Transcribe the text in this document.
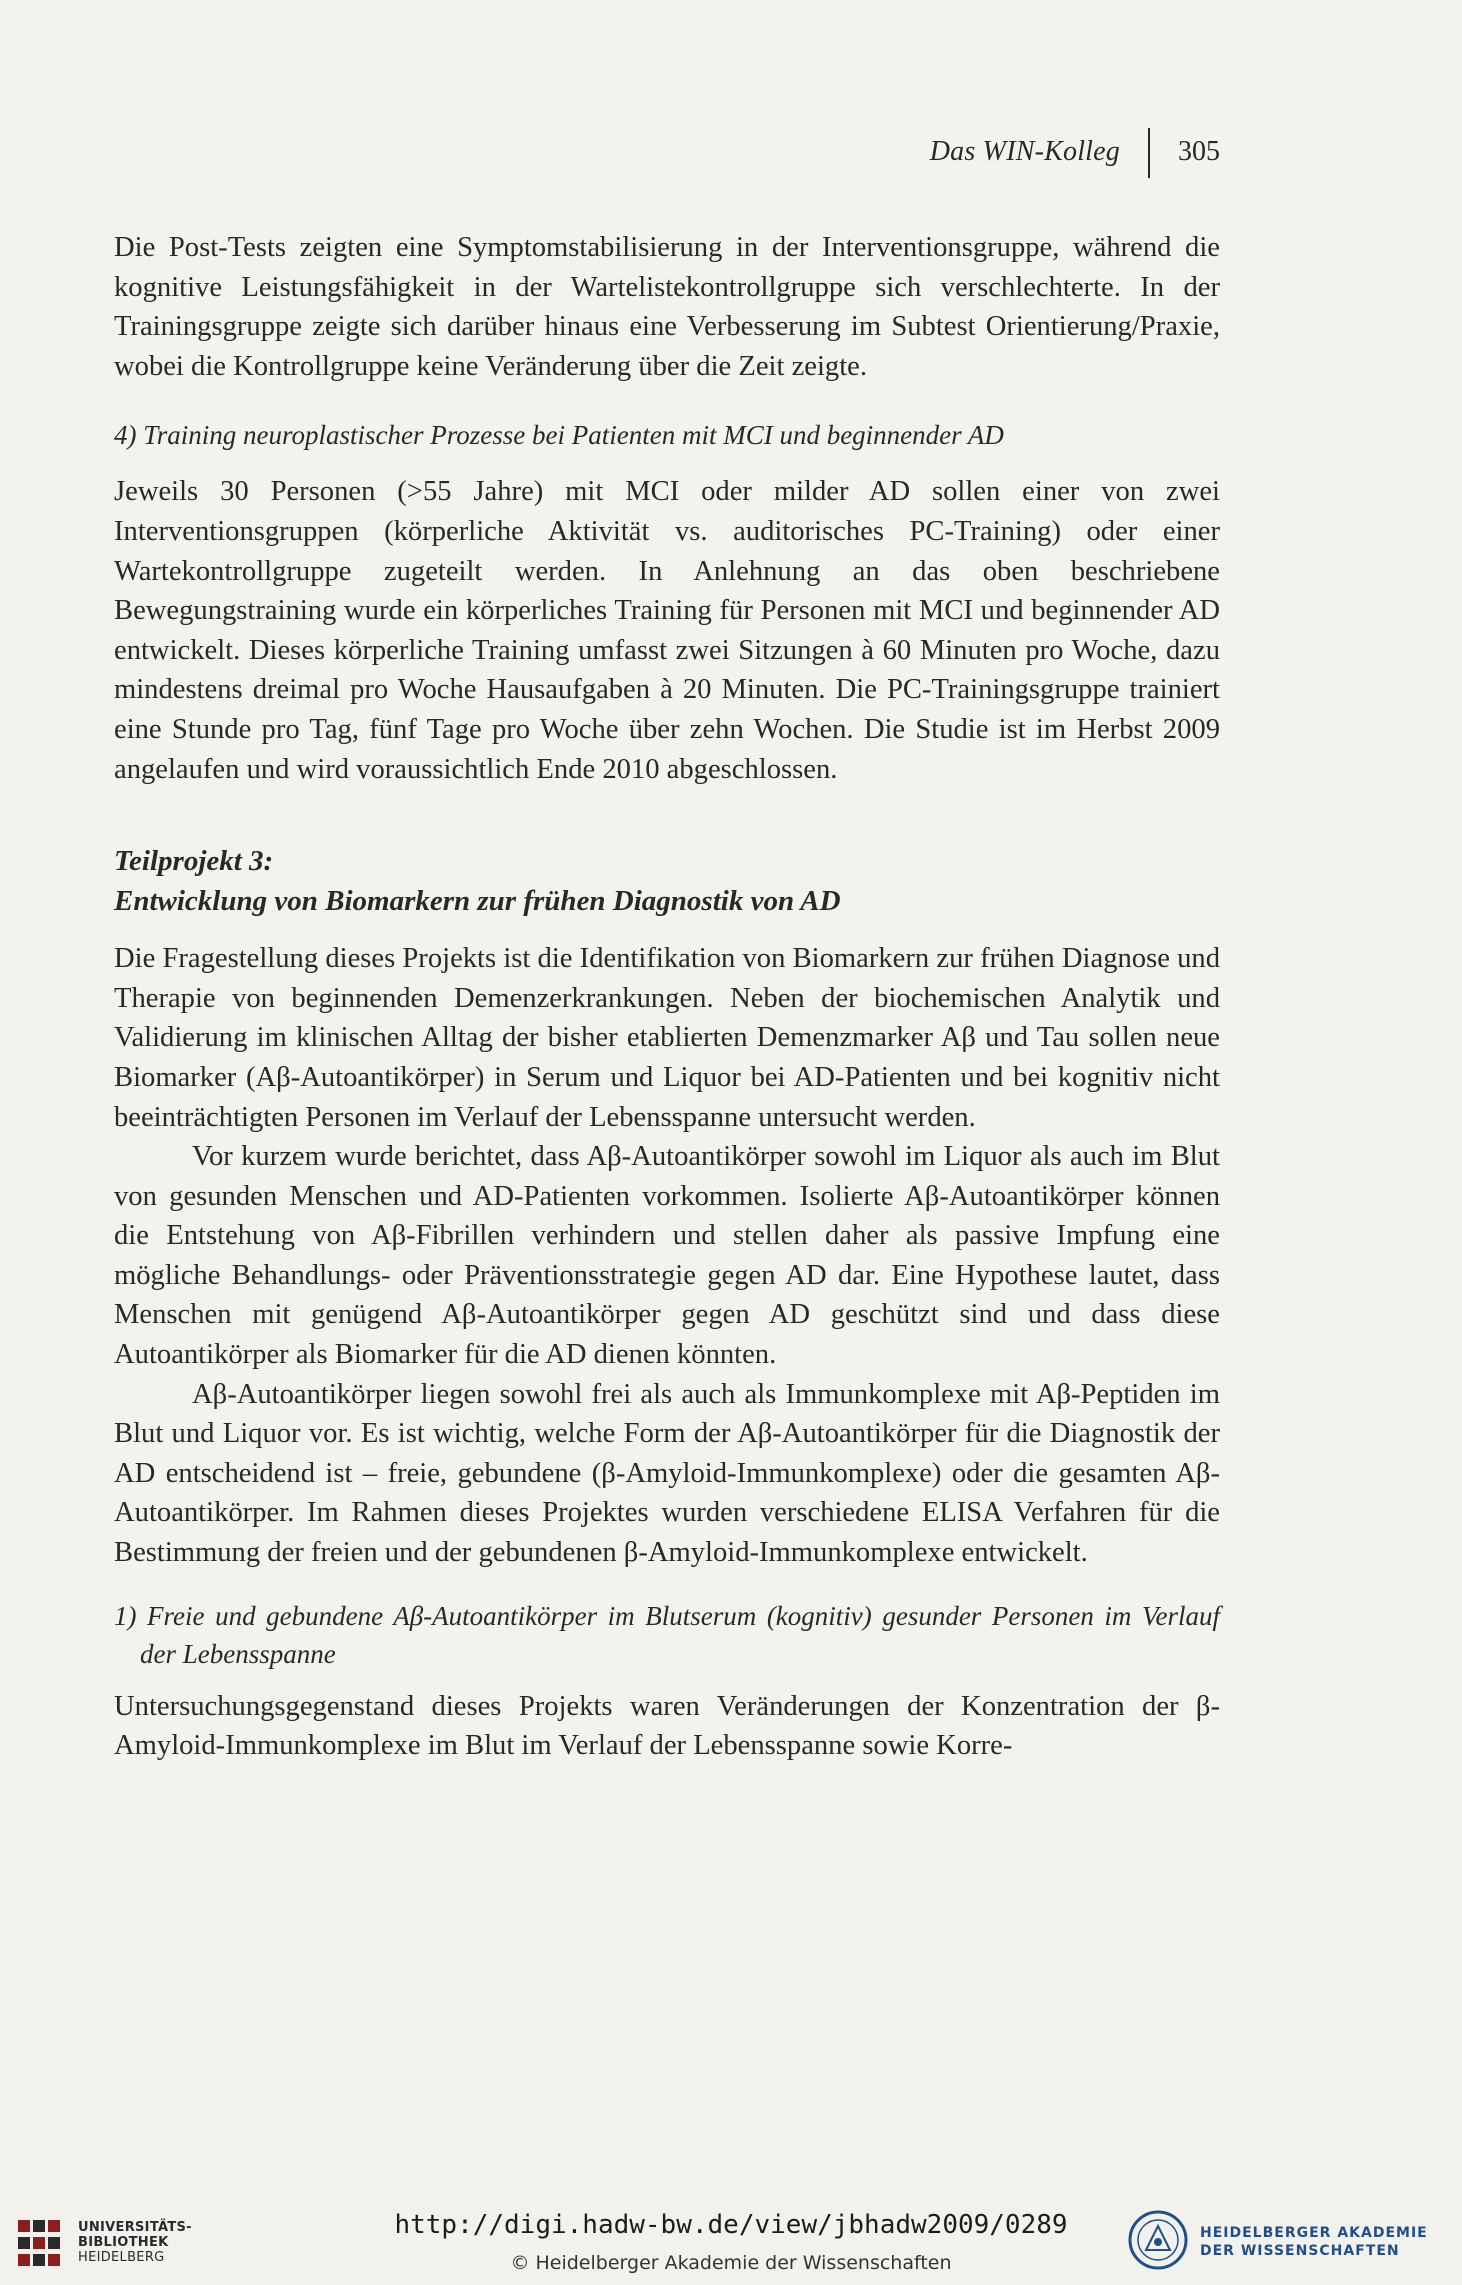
Das WIN-Kolleg 305

Die Post-Tests zeigten eine Symptomstabilisierung in der Interventionsgruppe, während die kognitive Leistungsfähigkeit in der Wartelistekontrollgruppe sich verschlechterte. In der Trainingsgruppe zeigte sich darüber hinaus eine Verbesserung im Subtest Orientierung/Praxie, wobei die Kontrollgruppe keine Veränderung über die Zeit zeigte.

4) Training neuroplastischer Prozesse bei Patienten mit MCI und beginnender AD

Jeweils 30 Personen (>55 Jahre) mit MCI oder milder AD sollen einer von zwei Interventionsgruppen (körperliche Aktivität vs. auditorisches PC-Training) oder einer Wartekontrollgruppe zugeteilt werden. In Anlehnung an das oben beschriebene Bewegungstraining wurde ein körperliches Training für Personen mit MCI und beginnender AD entwickelt. Dieses körperliche Training umfasst zwei Sitzungen à 60 Minuten pro Woche, dazu mindestens dreimal pro Woche Hausaufgaben à 20 Minuten. Die PC-Trainingsgruppe trainiert eine Stunde pro Tag, fünf Tage pro Woche über zehn Wochen. Die Studie ist im Herbst 2009 angelaufen und wird voraussichtlich Ende 2010 abgeschlossen.

Teilprojekt 3:
Entwicklung von Biomarkern zur frühen Diagnostik von AD

Die Fragestellung dieses Projekts ist die Identifikation von Biomarkern zur frühen Diagnose und Therapie von beginnenden Demenzerkrankungen. Neben der biochemischen Analytik und Validierung im klinischen Alltag der bisher etablierten Demenzmarker Aβ und Tau sollen neue Biomarker (Aβ-Autoantikörper) in Serum und Liquor bei AD-Patienten und bei kognitiv nicht beeinträchtigten Personen im Verlauf der Lebensspanne untersucht werden.

Vor kurzem wurde berichtet, dass Aβ-Autoantikörper sowohl im Liquor als auch im Blut von gesunden Menschen und AD-Patienten vorkommen. Isolierte Aβ-Autoantikörper können die Entstehung von Aβ-Fibrillen verhindern und stellen daher als passive Impfung eine mögliche Behandlungs- oder Präventionsstrategie gegen AD dar. Eine Hypothese lautet, dass Menschen mit genügend Aβ-Autoantikörper gegen AD geschützt sind und dass diese Autoantikörper als Biomarker für die AD dienen könnten.

Aβ-Autoantikörper liegen sowohl frei als auch als Immunkomplexe mit Aβ-Peptiden im Blut und Liquor vor. Es ist wichtig, welche Form der Aβ-Autoantikörper für die Diagnostik der AD entscheidend ist – freie, gebundene (β-Amyloid-Immunkomplexe) oder die gesamten Aβ-Autoantikörper. Im Rahmen dieses Projektes wurden verschiedene ELISA Verfahren für die Bestimmung der freien und der gebundenen β-Amyloid-Immunkomplexe entwickelt.

1) Freie und gebundene Aβ-Autoantikörper im Blutserum (kognitiv) gesunder Personen im Verlauf der Lebensspanne

Untersuchungsgegenstand dieses Projekts waren Veränderungen der Konzentration der β-Amyloid-Immunkomplexe im Blut im Verlauf der Lebensspanne sowie Korre-

UNIVERSITÄTS-
BIBLIOTHEK
HEIDELBERG
http://digi.hadw-bw.de/view/jbhadw2009/0289
© Heidelberger Akademie der Wissenschaften
HEIDELBERGER AKADEMIE
DER WISSENSCHAFTEN
